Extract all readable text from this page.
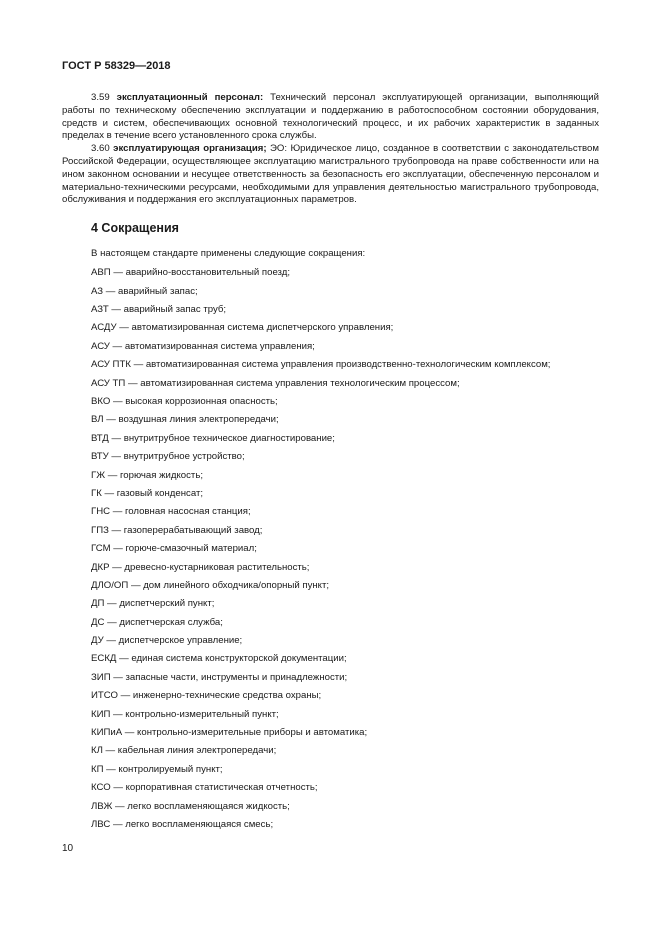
ГОСТ Р 58329—2018

3.59 эксплуатационный персонал: Технический персонал эксплуатирующей организации, выполняющий работы по техническому обеспечению эксплуатации и поддержанию в работоспособном состоянии оборудования, средств и систем, обеспечивающих основной технологический процесс, и их рабочих характеристик в заданных пределах в течение всего установленного срока службы.

3.60 эксплуатирующая организация; ЭО: Юридическое лицо, созданное в соответствии с законодательством Российской Федерации, осуществляющее эксплуатацию магистрального трубопровода на праве собственности или на ином законном основании и несущее ответственность за безопасность его эксплуатации, обеспеченную персоналом и материально-техническими ресурсами, необходимыми для управления деятельностью магистрального трубопровода, обслуживания и поддержания его эксплуатационных параметров.

4 Сокращения

В настоящем стандарте применены следующие сокращения:

АВП — аварийно-восстановительный поезд;
АЗ — аварийный запас;
АЗТ — аварийный запас труб;
АСДУ — автоматизированная система диспетчерского управления;
АСУ — автоматизированная система управления;
АСУ ПТК — автоматизированная система управления производственно-технологическим комплексом;
АСУ ТП — автоматизированная система управления технологическим процессом;
ВКО — высокая коррозионная опасность;
ВЛ — воздушная линия электропередачи;
ВТД — внутритрубное техническое диагностирование;
ВТУ — внутритрубное устройство;
ГЖ — горючая жидкость;
ГК — газовый конденсат;
ГНС — головная насосная станция;
ГПЗ — газоперерабатывающий завод;
ГСМ — горюче-смазочный материал;
ДКР — древесно-кустарниковая растительность;
ДЛО/ОП — дом линейного обходчика/опорный пункт;
ДП — диспетчерский пункт;
ДС — диспетчерская служба;
ДУ — диспетчерское управление;
ЕСКД — единая система конструкторской документации;
ЗИП — запасные части, инструменты и принадлежности;
ИТСО — инженерно-технические средства охраны;
КИП — контрольно-измерительный пункт;
КИПиА — контрольно-измерительные приборы и автоматика;
КЛ — кабельная линия электропередачи;
КП — контролируемый пункт;
КСО — корпоративная статистическая отчетность;
ЛВЖ — легко воспламеняющаяся жидкость;
ЛВС — легко воспламеняющаяся смесь;
10
